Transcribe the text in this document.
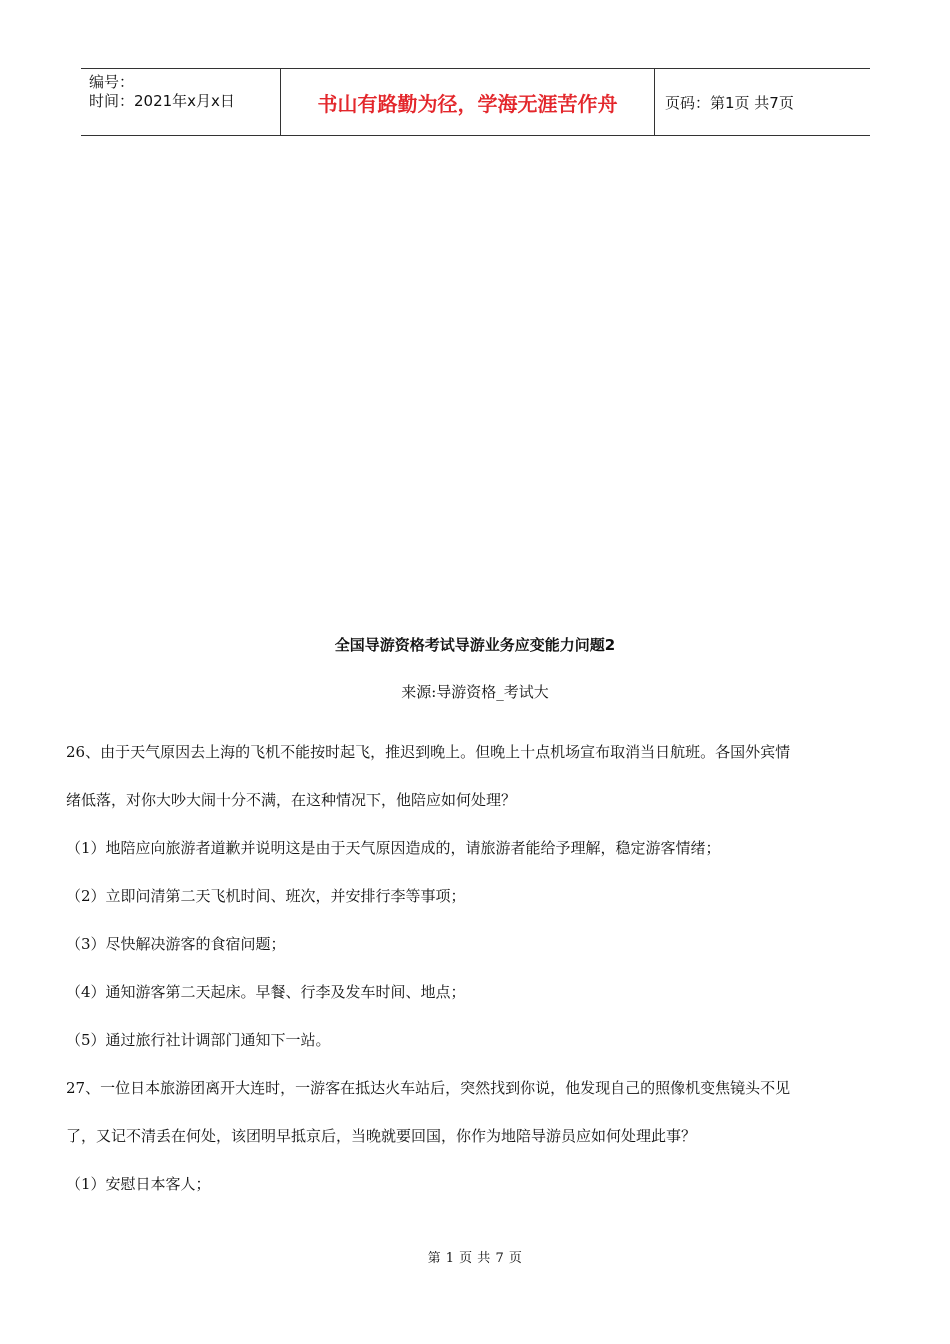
编号：
时间：2021年x月x日	书山有路勤为径，学海无涯苦作舟	页码：第1页 共7页
全国导游资格考试导游业务应变能力问题2
来源:导游资格_考试大

26、由于天气原因去上海的飞机不能按时起飞，推迟到晚上。但晚上十点机场宣布取消当日航班。各国外宾情

绪低落，对你大吵大闹十分不满，在这种情况下，他陪应如何处理？

（1）地陪应向旅游者道歉并说明这是由于天气原因造成的，请旅游者能给予理解，稳定游客情绪；

（2）立即问清第二天飞机时间、班次，并安排行李等事项；

（3）尽快解决游客的食宿问题；

（4）通知游客第二天起床。早餐、行李及发车时间、地点；

（5）通过旅行社计调部门通知下一站。

27、一位日本旅游团离开大连时，一游客在抵达火车站后，突然找到你说，他发现自己的照像机变焦镜头不见

了，又记不清丢在何处，该团明早抵京后，当晚就要回国，你作为地陪导游员应如何处理此事？

（1）安慰日本客人；

第 1 页 共 7 页
